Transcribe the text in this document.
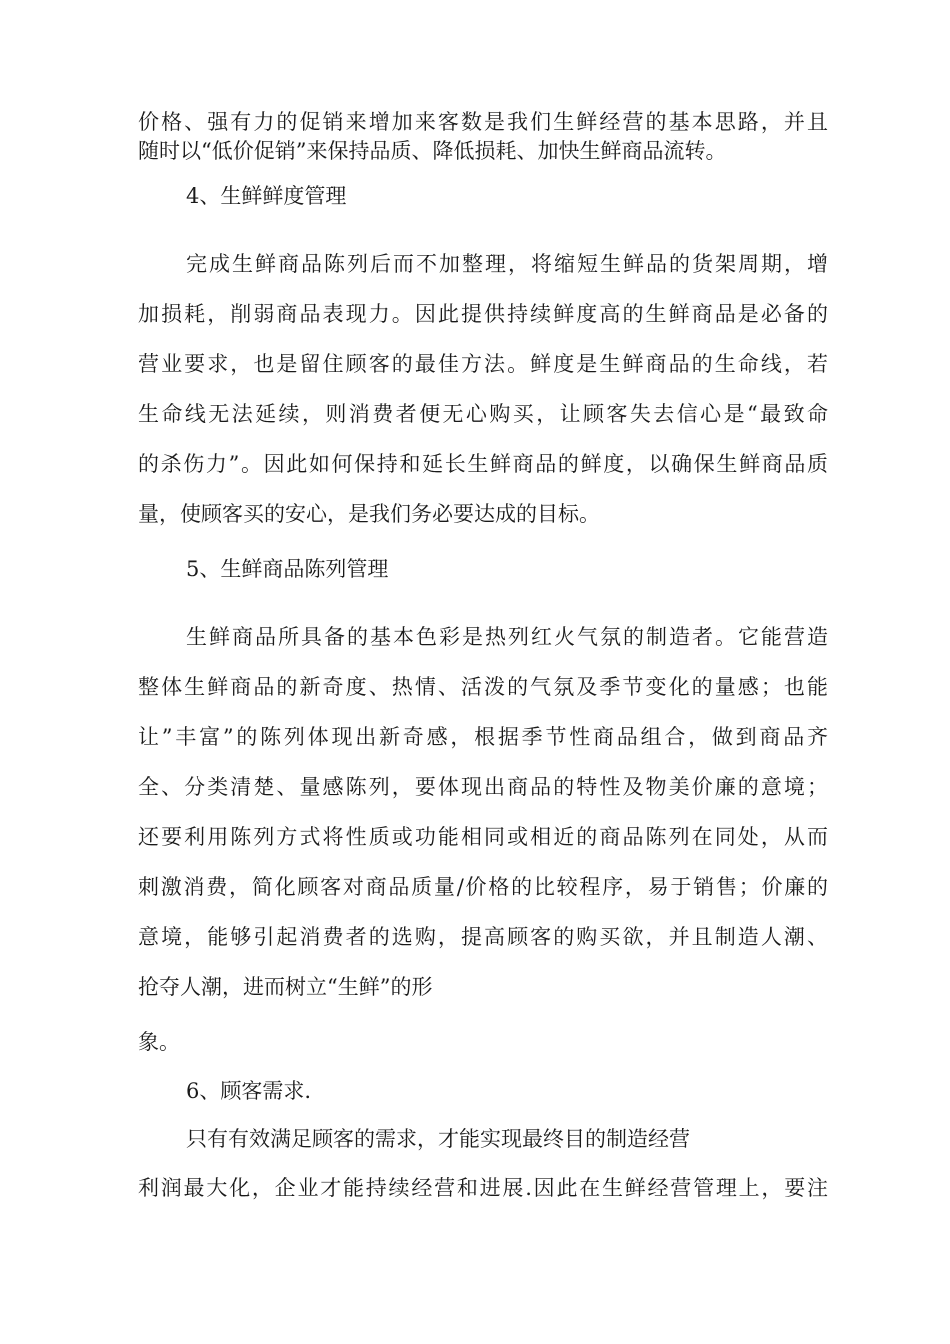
价格、强有力的促销来增加来客数是我们生鲜经营的基本思路，并且
随时以“低价促销”来保持品质、降低损耗、加快生鲜商品流转。
4、生鲜鲜度管理
完成生鲜商品陈列后而不加整理，将缩短生鲜品的货架周期，增
加损耗，削弱商品表现力。因此提供持续鲜度高的生鲜商品是必备的
营业要求，也是留住顾客的最佳方法。鲜度是生鲜商品的生命线，若
生命线无法延续，则消费者便无心购买，让顾客失去信心是“最致命
的杀伤力”。因此如何保持和延长生鲜商品的鲜度，以确保生鲜商品质
量，使顾客买的安心，是我们务必要达成的目标。
5、生鲜商品陈列管理
生鲜商品所具备的基本色彩是热列红火气氛的制造者。它能营造
整体生鲜商品的新奇度、热情、活泼的气氛及季节变化的量感；也能
让”丰富”的陈列体现出新奇感，根据季节性商品组合，做到商品齐
全、分类清楚、量感陈列，要体现出商品的特性及物美价廉的意境；
还要利用陈列方式将性质或功能相同或相近的商品陈列在同处，从而
刺激消费，简化顾客对商品质量/价格的比较程序，易于销售；价廉的
意境，能够引起消费者的选购，提高顾客的购买欲，并且制造人潮、
抢夺人潮，进而树立“生鲜”的形
象。
6、顾客需求.
只有有效满足顾客的需求，才能实现最终目的制造经营
利润最大化，企业才能持续经营和进展.因此在生鲜经营管理上，要注
